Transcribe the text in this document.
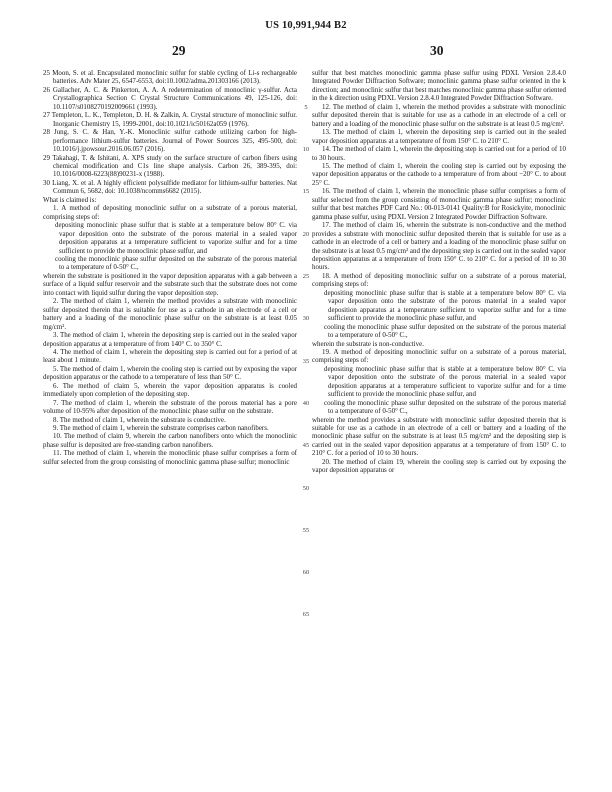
US 10,991,944 B2
29	30

25 Moon, S. et al. Encapsulated monoclinic sulfur for stable cycling of Li-s rechargeable batteries. Adv Mater 25, 6547-6553, doi:10.1002/adma.201303166 (2013).

26 Gallacher, A. C. & Pinkerton, A. A. A redetermination of monoclinic γ-sulfur. Acta Crystallographica Section C Crystal Structure Communications 49, 125-126, doi: 10.1107/s0108270192009661 (1993).

27 Templeton, L. K., Templeton, D. H. & Zalkin, A. Crystal structure of monoclinic sulfur. Inorganic Chemistry 15, 1999-2001, doi:10.1021/ic50162a059 (1976).

28 Jung, S. C. & Han, Y.-K. Monoclinic sulfur cathode utilizing carbon for high-performance lithium-sulfur batteries. Journal of Power Sources 325, 495-500, doi: 10.1016/j.jpowsour.2016.06.057 (2016).

29 Takahagi, T. & Ishitani, A. XPS study on the surface structure of carbon fibers using chemical modification and C1s line shape analysis. Carbon 26, 389-395, doi: 10.1016/0008-6223(88)90231-x (1988).

30 Liang, X. et al. A highly efficient polysulfide mediator for lithium-sulfur batteries. Nat Commun 6, 5682, doi: 10.1038/ncomms6682 (2015).

What is claimed is:

1. A method of depositing monoclinic sulfur on a substrate of a porous material, comprising steps of:

depositing monoclinic phase sulfur that is stable at a temperature below 80° C. via vapor deposition onto the substrate of the porous material in a sealed vapor deposition apparatus at a temperature sufficient to vaporize sulfur and for a time sufficient to provide the monoclinic phase sulfur, and

cooling the monoclinic phase sulfur deposited on the substrate of the porous material to a temperature of 0-50° C.,

wherein the substrate is positioned in the vapor deposition apparatus with a gab between a surface of a liquid sulfur reservoir and the substrate such that the substrate does not come into contact with liquid sulfur during the vapor deposition step.

2. The method of claim 1, wherein the method provides a substrate with monoclinic sulfur deposited therein that is suitable for use as a cathode in an electrode of a cell or battery and a loading of the monoclinic phase sulfur on the substrate is at least 0.05 mg/cm².

3. The method of claim 1, wherein the depositing step is carried out in the sealed vapor deposition apparatus at a temperature of from 140° C. to 350° C.

4. The method of claim 1, wherein the depositing step is carried out for a period of at least about 1 minute.

5. The method of claim 1, wherein the cooling step is carried out by exposing the vapor deposition apparatus or the cathode to a temperature of less than 50° C.

6. The method of claim 5, wherein the vapor deposition apparatus is cooled immediately upon completion of the depositing step.

7. The method of claim 1, wherein the substrate of the porous material has a pore volume of 10-95% after deposition of the monoclinic phase sulfur on the substrate.

8. The method of claim 1, wherein the substrate is conductive.

9. The method of claim 1, wherein the substrate comprises carbon nanofibers.

10. The method of claim 9, wherein the carbon nanofibers onto which the monoclinic phase sulfur is deposited are free-standing carbon nanofibers.

11. The method of claim 1, wherein the monoclinic phase sulfur comprises a form of sulfur selected from the group consisting of monoclinic gamma phase sulfur; monoclinic

sulfur that best matches monoclinic gamma phase sulfur using PDXL Version 2.8.4.0 Integrated Powder Diffraction Software; monoclinic gamma phase sulfur oriented in the k direction; and monoclinic sulfur that best matches monoclinic gamma phase sulfur oriented in the k direction using PDXL Version 2.8.4.0 Integrated Powder Diffraction Software.

12. The method of claim 1, wherein the method provides a substrate with monoclinic sulfur deposited therein that is suitable for use as a cathode in an electrode of a cell or battery and a loading of the monoclinic phase sulfur on the substrate is at least 0.5 mg/cm².

13. The method of claim 1, wherein the depositing step is carried out in the sealed vapor deposition apparatus at a temperature of from 150° C. to 210° C.

14. The method of claim 1, wherein the depositing step is carried out for a period of 10 to 30 hours.

15. The method of claim 1, wherein the cooling step is carried out by exposing the vapor deposition apparatus or the cathode to a temperature of from about −20° C. to about 25° C.

16. The method of claim 1, wherein the monoclinic phase sulfur comprises a form of sulfur selected from the group consisting of monoclinic gamma phase sulfur; monoclinic sulfur that best matches PDF Card No.: 00-013-0141 Quality:B for Rosickyite, monoclinic gamma phase sulfur, using PDXL Version 2 Integrated Powder Diffraction Software.

17. The method of claim 16, wherein the substrate is non-conductive and the method provides a substrate with monoclinic sulfur deposited therein that is suitable for use as a cathode in an electrode of a cell or battery and a loading of the monoclinic phase sulfur on the substrate is at least 0.5 mg/cm² and the depositing step is carried out in the sealed vapor deposition apparatus at a temperature of from 150° C. to 210° C. for a period of 10 to 30 hours.

18. A method of depositing monoclinic sulfur on a substrate of a porous material, comprising steps of:

depositing monoclinic phase sulfur that is stable at a temperature below 80° C. via vapor deposition onto the substrate of the porous material in a sealed vapor deposition apparatus at a temperature sufficient to vaporize sulfur and for a time sufficient to provide the monoclinic phase sulfur, and

cooling the monoclinic phase sulfur deposited on the substrate of the porous material to a temperature of 0-50° C.,

wherein the substrate is non-conductive.

19. A method of depositing monoclinic sulfur on a substrate of a porous material, comprising steps of:

depositing monoclinic phase sulfur that is stable at a temperature below 80° C. via vapor deposition onto the substrate of the porous material in a sealed vapor deposition apparatus at a temperature sufficient to vaporize sulfur and for a time sufficient to provide the monoclinic phase sulfur, and

cooling the monoclinic phase sulfur deposited on the substrate of the porous material to a temperature of 0-50° C.,

wherein the method provides a substrate with monoclinic sulfur deposited therein that is suitable for use as a cathode in an electrode of a cell or battery and a loading of the monoclinic phase sulfur on the substrate is at least 0.5 mg/cm² and the depositing step is carried out in the sealed vapor deposition apparatus at a temperature of from 150° C. to 210° C. for a period of 10 to 30 hours.

20. The method of claim 19, wherein the cooling step is carried out by exposing the vapor deposition apparatus or

5
10
15
20
25
30
35
40
45
50
55
60
65
